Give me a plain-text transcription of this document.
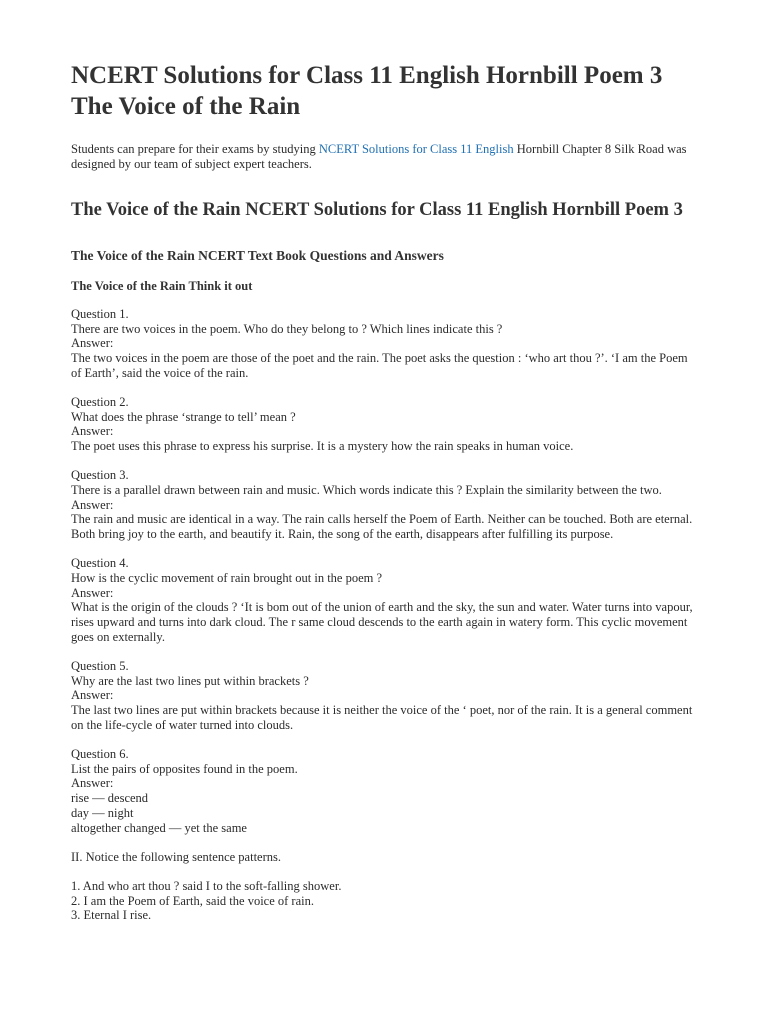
NCERT Solutions for Class 11 English Hornbill Poem 3 The Voice of the Rain

Students can prepare for their exams by studying NCERT Solutions for Class 11 English Hornbill Chapter 8 Silk Road was designed by our team of subject expert teachers.

The Voice of the Rain NCERT Solutions for Class 11 English Hornbill Poem 3
The Voice of the Rain NCERT Text Book Questions and Answers
The Voice of the Rain Think it out
Question 1.
There are two voices in the poem. Who do they belong to ? Which lines indicate this ?
Answer:
The two voices in the poem are those of the poet and the rain. The poet asks the question : ‘who art thou ?’. ‘I am the Poem of Earth’, said the voice of the rain.
Question 2.
What does the phrase ‘strange to tell’ mean ?
Answer:
The poet uses this phrase to express his surprise. It is a mystery how the rain speaks in human voice.
Question 3.
There is a parallel drawn between rain and music. Which words indicate this ? Explain the similarity between the two.
Answer:
The rain and music are identical in a way. The rain calls herself the Poem of Earth. Neither can be touched. Both are eternal. Both bring joy to the earth, and beautify it. Rain, the song of the earth, disappears after fulfilling its purpose.
Question 4.
How is the cyclic movement of rain brought out in the poem ?
Answer:
What is the origin of the clouds ? ‘It is bom out of the union of earth and the sky, the sun and water. Water turns into vapour, rises upward and turns into dark cloud. The r same cloud descends to the earth again in watery form. This cyclic movement goes on externally.
Question 5.
Why are the last two lines put within brackets ?
Answer:
The last two lines are put within brackets because it is neither the voice of the ‘ poet, nor of the rain. It is a general comment on the life-cycle of water turned into clouds.
Question 6.
List the pairs of opposites found in the poem.
Answer:
rise — descend
day — night
altogether changed — yet the same
II. Notice the following sentence patterns.
1. And who art thou ? said I to the soft-falling shower.
2. I am the Poem of Earth, said the voice of rain.
3. Eternal I rise.
